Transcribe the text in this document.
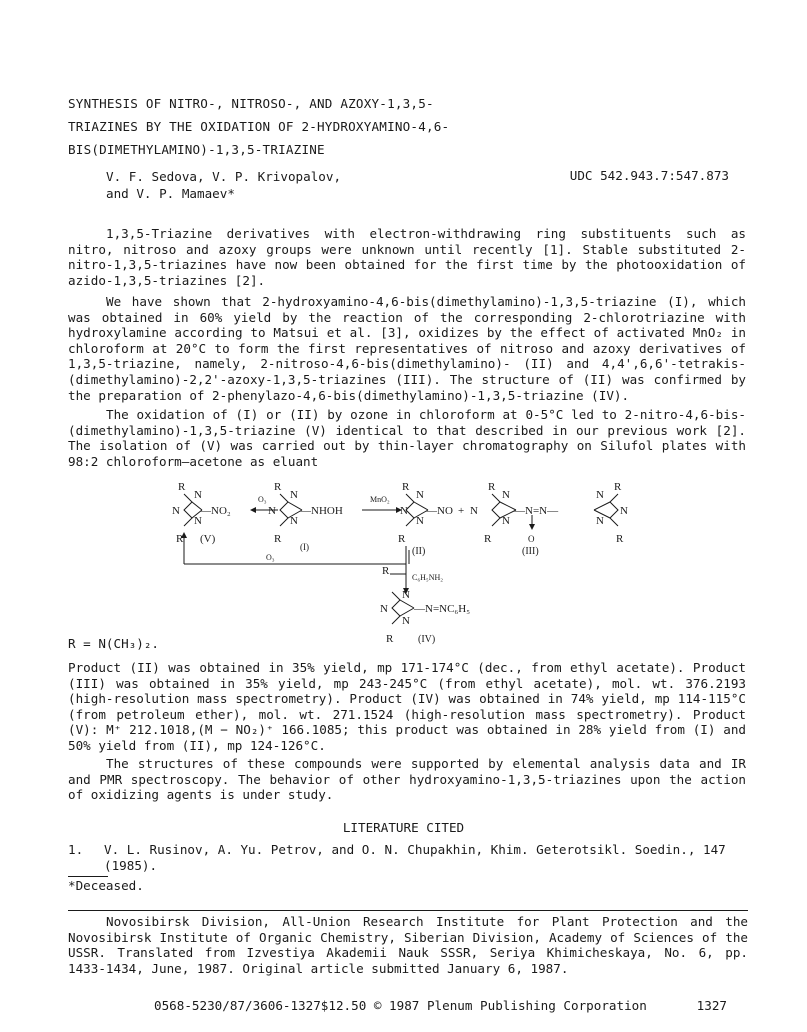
SYNTHESIS OF NITRO-, NITROSO-, AND AZOXY-1,3,5-
TRIAZINES BY THE OXIDATION OF 2-HYDROXYAMINO-4,6-
BIS(DIMETHYLAMINO)-1,3,5-TRIAZINE
V. F. Sedova, V. P. Krivopalov,
and V. P. Mamaev*
UDC 542.943.7:547.873

1,3,5-Triazine derivatives with electron-withdrawing ring substituents such as nitro, nitroso and azoxy groups were unknown until recently [1]. Stable substituted 2-nitro-1,3,5-triazines have now been obtained for the first time by the photooxidation of azido-1,3,5-triazines [2].

We have shown that 2-hydroxyamino-4,6-bis(dimethylamino)-1,3,5-triazine (I), which was obtained in 60% yield by the reaction of the corresponding 2-chlorotriazine with hydroxylamine according to Matsui et al. [3], oxidizes by the effect of activated MnO₂ in chloroform at 20°C to form the first representatives of nitroso and azoxy derivatives of 1,3,5-triazine, namely, 2-nitroso-4,6-bis(dimethylamino)- (II) and 4,4',6,6'-tetrakis-(dimethylamino)-2,2'-azoxy-1,3,5-triazines (III). The structure of (II) was confirmed by the preparation of 2-phenylazo-4,6-bis(dimethylamino)-1,3,5-triazine (IV).

The oxidation of (I) or (II) by ozone in chloroform at 0-5°C led to 2-nitro-4,6-bis-(dimethylamino)-1,3,5-triazine (V) identical to that described in our previous work [2]. The isolation of (V) was carried out by thin-layer chromatography on Silufol plates with 98:2 chloroform–acetone as eluant

R
N
N
N
—NO₂
R (V)
O₃
R
N
N
N
—NHOH
R
(I)
MnO₂
O₃
R
N
N
N
—NO +
R
(II)
R
N
N
N
—N=N—
O
R
(III)
R
N
N
N
R
R
C₆H₅NH₂
N
N
N
—N=NC₆H₅
R (IV)
R = N(CH₃)₂.

Product (II) was obtained in 35% yield, mp 171-174°C (dec., from ethyl acetate). Product (III) was obtained in 35% yield, mp 243-245°C (from ethyl acetate), mol. wt. 376.2193 (high-resolution mass spectrometry). Product (IV) was obtained in 74% yield, mp 114-115°C (from petroleum ether), mol. wt. 271.1524 (high-resolution mass spectrometry). Product (V): M⁺ 212.1018,(M − NO₂)⁺ 166.1085; this product was obtained in 28% yield from (I) and 50% yield from (II), mp 124-126°C.

The structures of these compounds were supported by elemental analysis data and IR and PMR spectroscopy. The behavior of other hydroxyamino-1,3,5-triazines upon the action of oxidizing agents is under study.

LITERATURE CITED
1. V. L. Rusinov, A. Yu. Petrov, and O. N. Chupakhin, Khim. Geterotsikl. Soedin., 147 (1985).
*Deceased.
Novosibirsk Division, All-Union Research Institute for Plant Protection and the Novosibirsk Institute of Organic Chemistry, Siberian Division, Academy of Sciences of the USSR. Translated from Izvestiya Akademii Nauk SSSR, Seriya Khimicheskaya, No. 6, pp. 1433-1434, June, 1987. Original article submitted January 6, 1987.
0568-5230/87/3606-1327$12.50 © 1987 Plenum Publishing Corporation	1327
